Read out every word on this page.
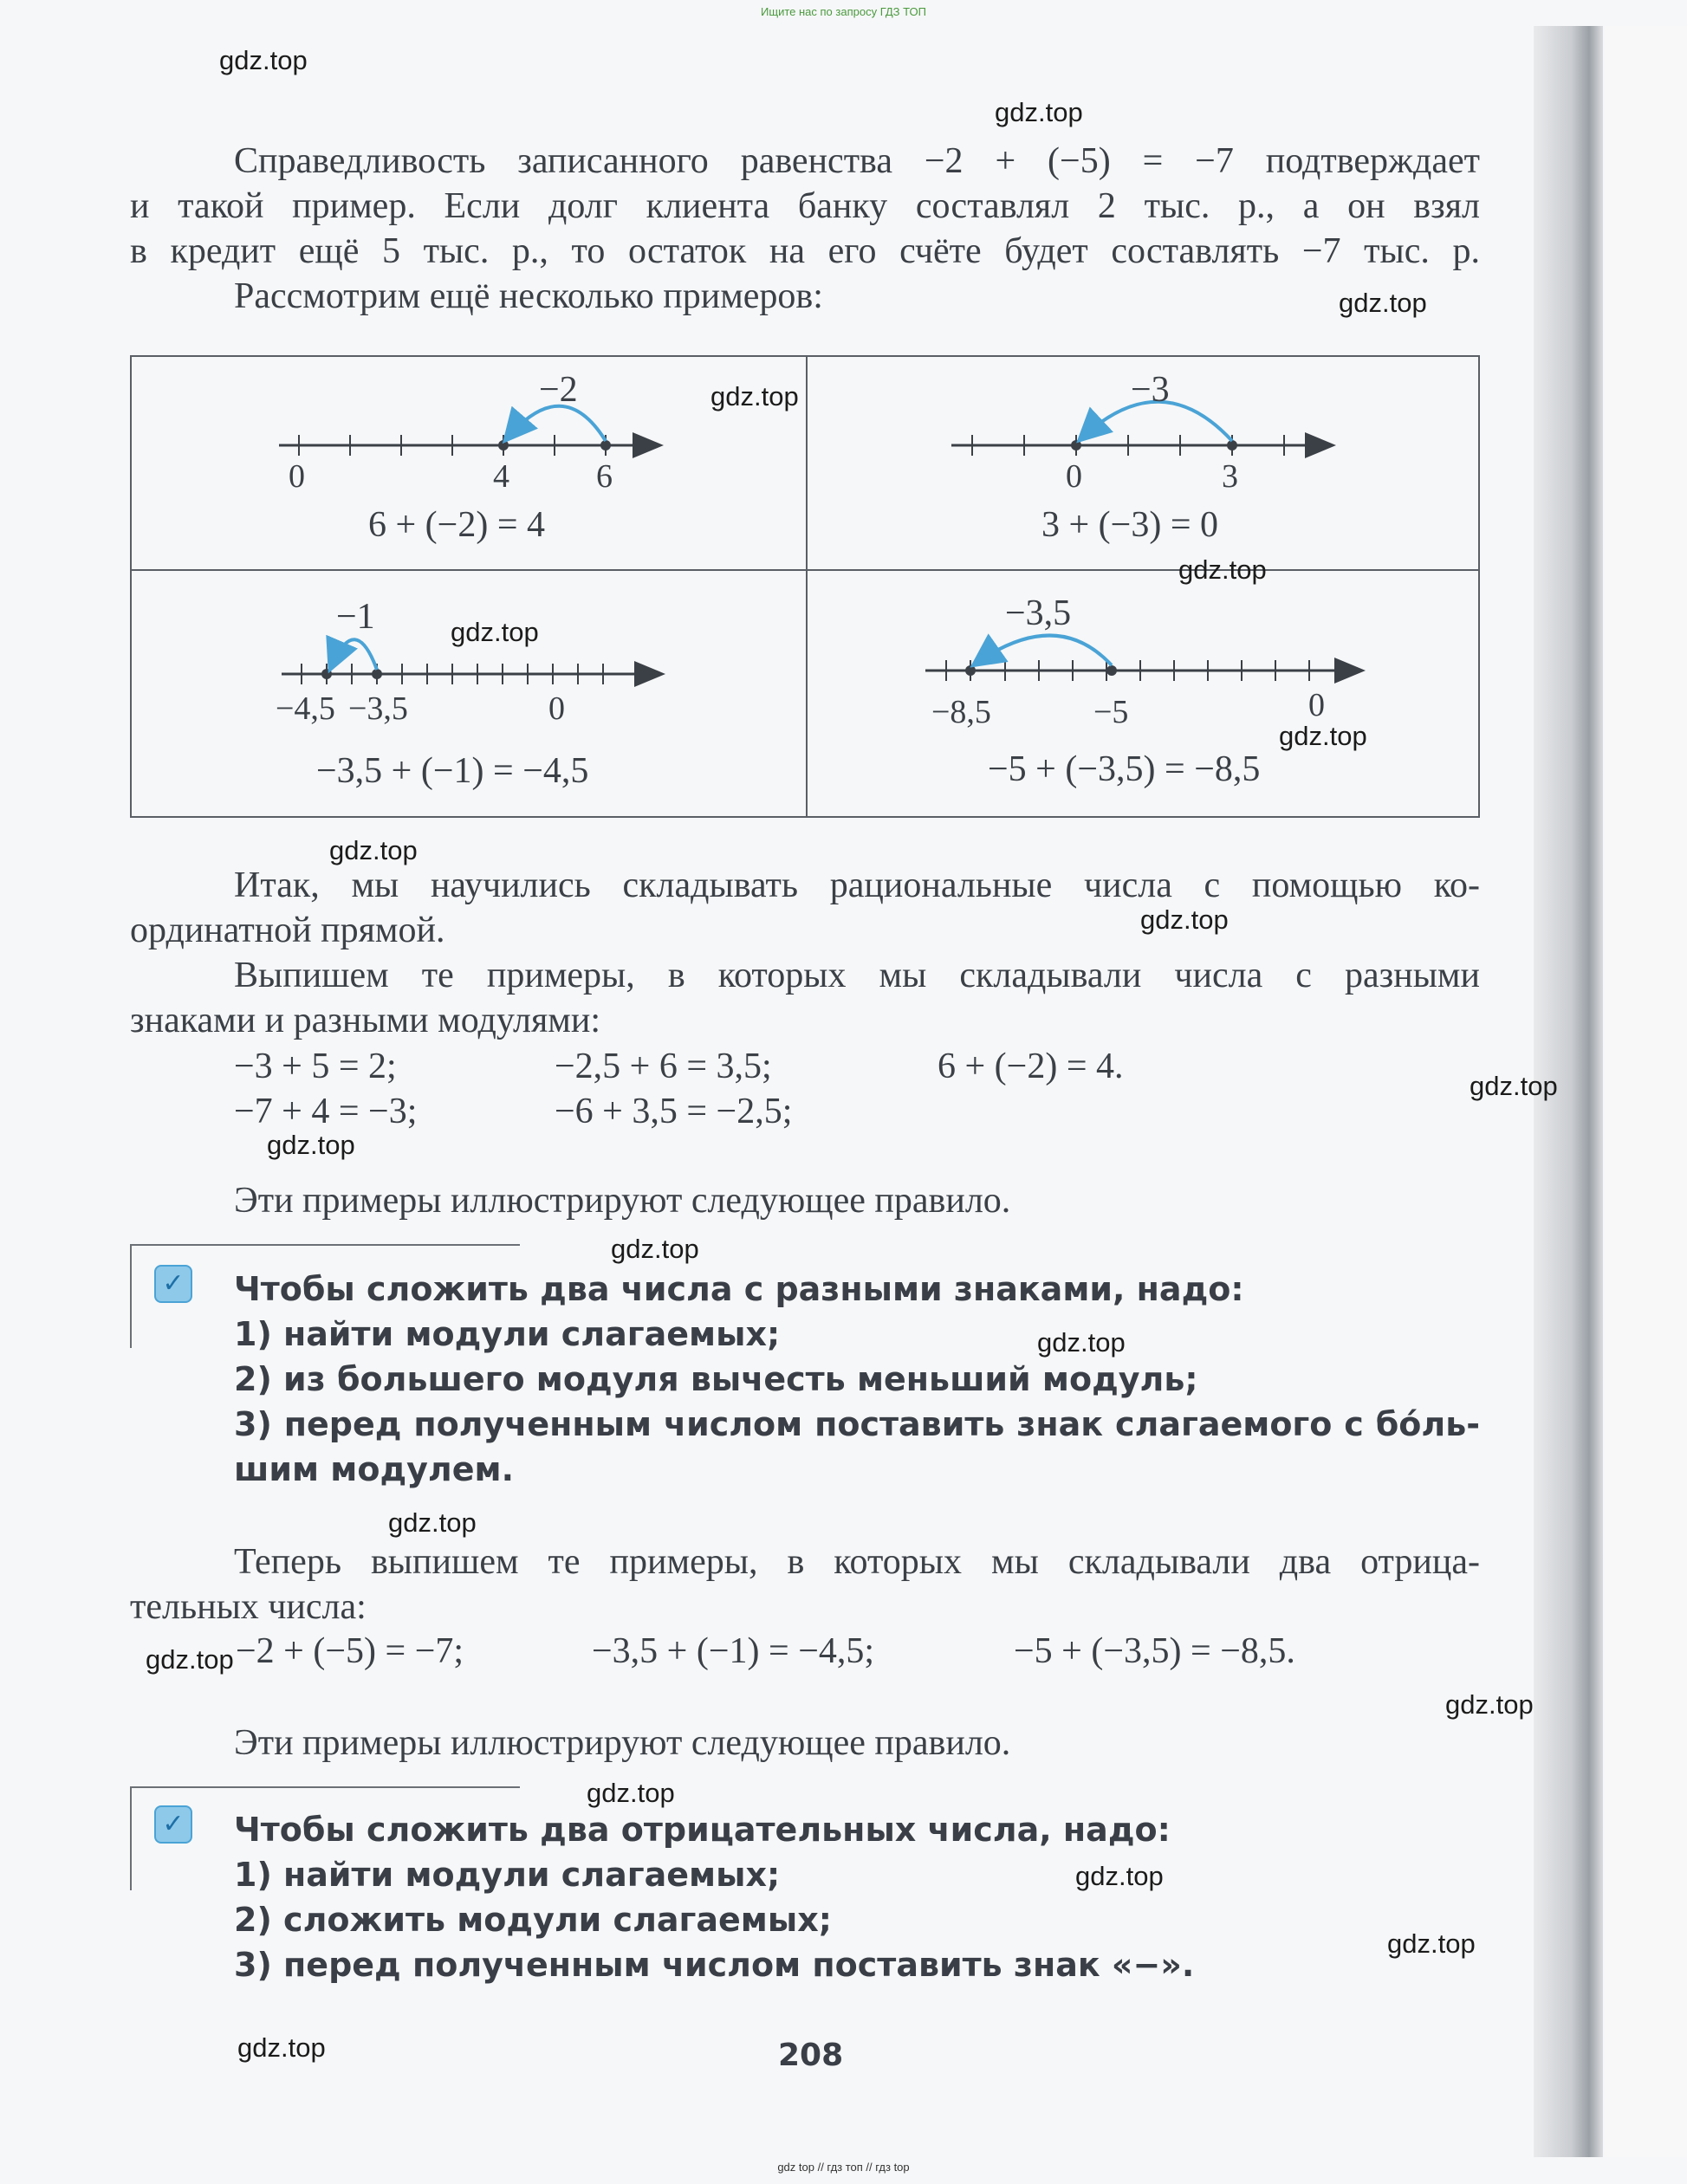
Ищите нас по запросу ГДЗ ТОП
Справедливость записанного равенства −2 + (−5) = −7 подтверждает
и такой пример. Если долг клиента банку составлял 2 тыс. р., а он взял
в кредит ещё 5 тыс. р., то остаток на его счёте будет составлять −7 тыс. р.
Рассмотрим ещё несколько примеров:
−2
0	4	6
6 + (−2) = 4
−3
0	3
3 + (−3) = 0
−1
−4,5 −3,5	0
−3,5 + (−1) = −4,5
−3,5
−8,5	−5	0
−5 + (−3,5) = −8,5
Итак, мы научились складывать рациональные числа с помощью ко-
ординатной прямой.
Выпишем те примеры, в которых мы складывали числа с разными
знаками и разными модулями:
−3 + 5 = 2;	−2,5 + 6 = 3,5;	6 + (−2) = 4.
−7 + 4 = −3;	−6 + 3,5 = −2,5;
Эти примеры иллюстрируют следующее правило.
✓ Чтобы сложить два числа с разными знаками, надо:
1) найти модули слагаемых;
2) из большего модуля вычесть меньший модуль;
3) перед полученным числом поставить знак слагаемого с бо́ль-
шим модулем.
Теперь выпишем те примеры, в которых мы складывали два отрица-
тельных числа:
−2 + (−5) = −7;	−3,5 + (−1) = −4,5;	−5 + (−3,5) = −8,5.
Эти примеры иллюстрируют следующее правило.
✓ Чтобы сложить два отрицательных числа, надо:
1) найти модули слагаемых;
2) сложить модули слагаемых;
3) перед полученным числом поставить знак «−».
208
gdz.top
gdz.top
gdz.top
gdz.top
gdz.top
gdz.top
gdz.top
gdz.top
gdz.top
gdz.top
gdz.top
gdz.top
gdz.top
gdz.top
gdz.top
gdz.top
gdz.top
gdz.top
gdz.top
gdz.top
gdz top // гдз топ // гдз top
